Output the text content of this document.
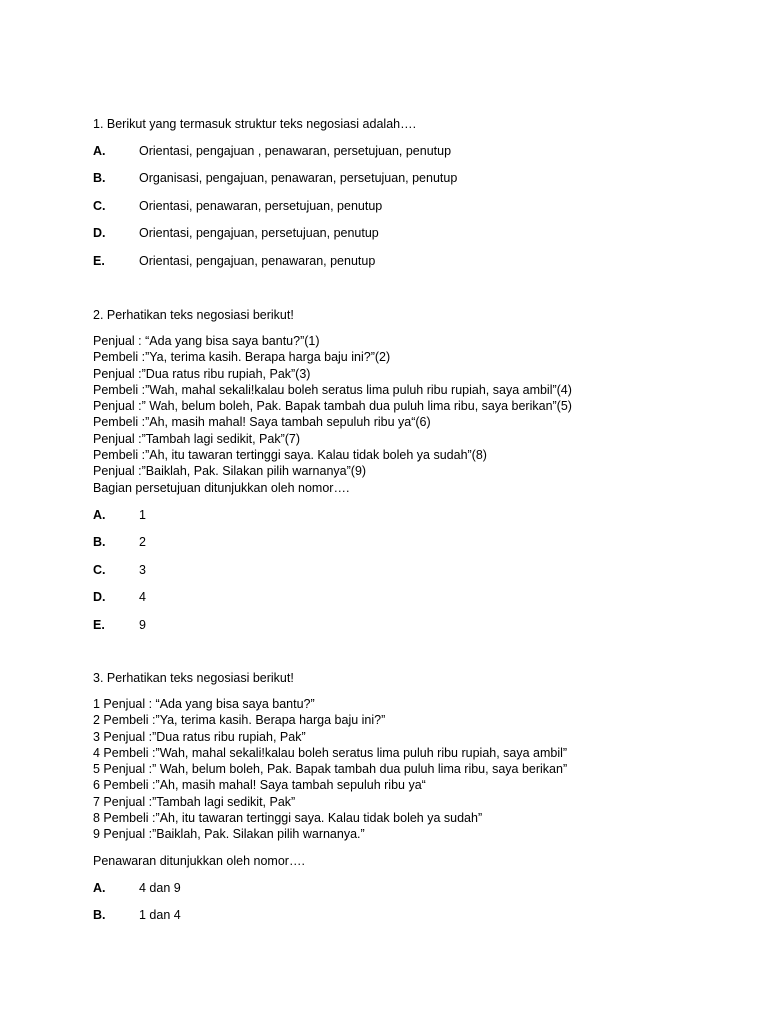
1. Berikut yang termasuk struktur teks negosiasi adalah….

A.	Orientasi, pengajuan , penawaran, persetujuan, penutup
B.	Organisasi, pengajuan, penawaran, persetujuan, penutup
C.	Orientasi, penawaran, persetujuan, penutup
D.	Orientasi, pengajuan, persetujuan, penutup
E.	Orientasi, pengajuan, penawaran, penutup

2. Perhatikan teks negosiasi berikut!

Penjual : “Ada yang bisa saya bantu?”(1)
Pembeli :”Ya, terima kasih. Berapa harga baju ini?”(2)
Penjual :”Dua ratus ribu rupiah, Pak”(3)
Pembeli :”Wah, mahal sekali!kalau boleh seratus lima puluh ribu rupiah, saya ambil”(4)
Penjual :” Wah, belum boleh, Pak. Bapak tambah dua puluh lima ribu, saya berikan”(5)
Pembeli :”Ah, masih mahal! Saya tambah sepuluh ribu ya“(6)
Penjual :”Tambah lagi sedikit, Pak”(7)
Pembeli :”Ah, itu tawaran tertinggi saya. Kalau tidak boleh ya sudah”(8)
Penjual :”Baiklah, Pak. Silakan pilih warnanya”(9)
Bagian persetujuan ditunjukkan oleh nomor….
A.	1
B.	2
C.	3
D.	4
E.	9

3. Perhatikan teks negosiasi berikut!

1 Penjual : “Ada yang bisa saya bantu?”
2 Pembeli :”Ya, terima kasih. Berapa harga baju ini?”
3 Penjual :”Dua ratus ribu rupiah, Pak”
4 Pembeli :”Wah, mahal sekali!kalau boleh seratus lima puluh ribu rupiah, saya ambil”
5 Penjual :” Wah, belum boleh, Pak. Bapak tambah dua puluh lima ribu, saya berikan”
6 Pembeli :”Ah, masih mahal! Saya tambah sepuluh ribu ya“
7 Penjual :”Tambah lagi sedikit, Pak”
8 Pembeli :”Ah, itu tawaran tertinggi saya. Kalau tidak boleh ya sudah”
9 Penjual :”Baiklah, Pak. Silakan pilih warnanya.”
Penawaran ditunjukkan oleh nomor….
A.	4 dan 9
B.	1 dan 4
